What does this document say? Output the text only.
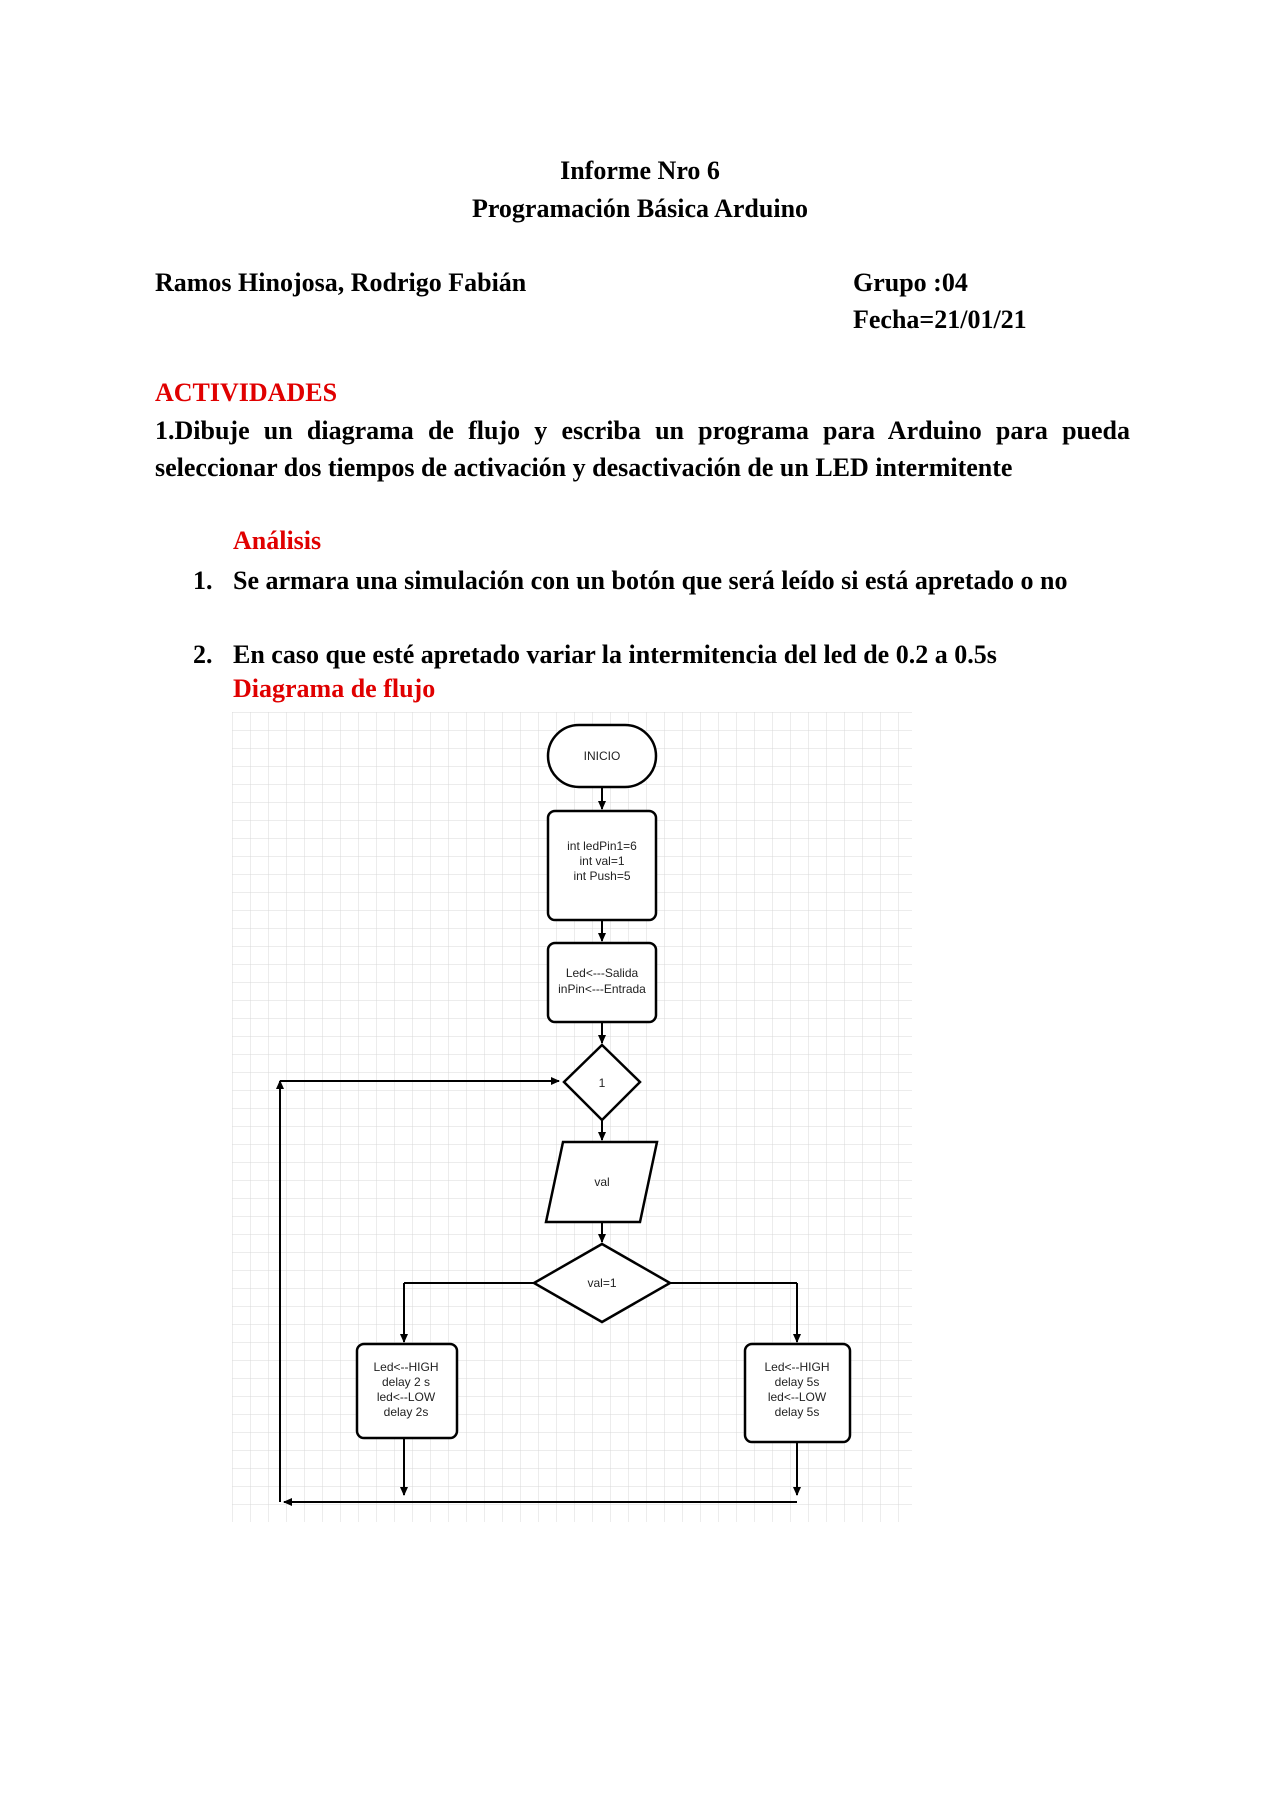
Informe Nro 6
Programación Básica Arduino
Ramos Hinojosa, Rodrigo Fabián	Grupo :04
Fecha=21/01/21
ACTIVIDADES
1.Dibuje un diagrama de flujo y escriba un programa para Arduino para pueda seleccionar dos tiempos de activación y desactivación de un LED intermitente
Análisis
1. Se armara una simulación con un botón que será leído si está apretado o no
2. En caso que esté apretado variar la intermitencia del led de 0.2 a 0.5s
Diagrama de flujo
INICIO
int ledPin1=6
int val=1
int Push=5
Led<---Salida
inPin<---Entrada
1
val
val=1
Led<--HIGH
delay 2 s
led<--LOW
delay 2s
Led<--HIGH
delay 5s
led<--LOW
delay 5s
